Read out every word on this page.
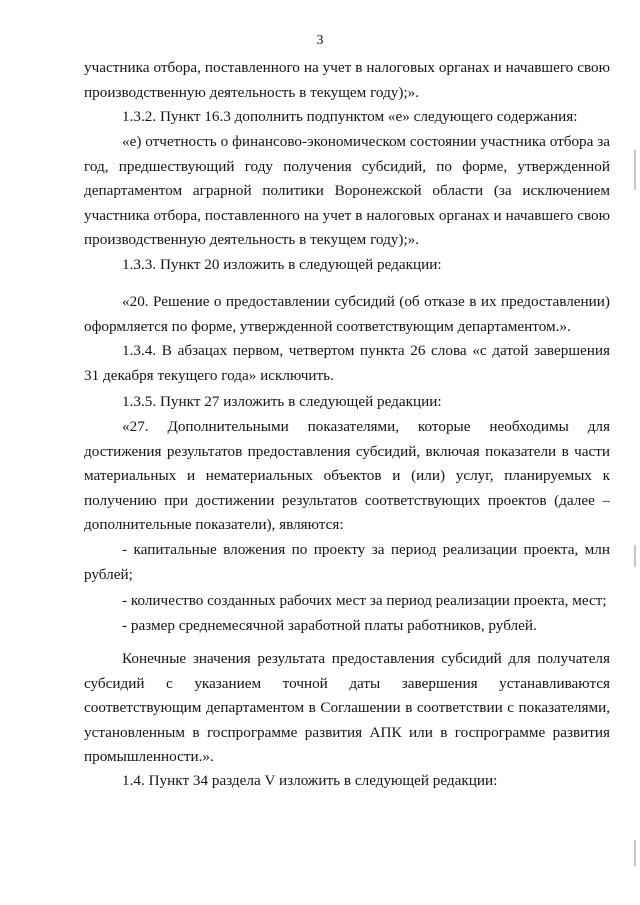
3

участника отбора, поставленного на учет в налоговых органах и начавшего свою производственную деятельность в текущем году);».

1.3.2. Пункт 16.3 дополнить подпунктом «е» следующего содержания:

«е) отчетность о финансово-экономическом состоянии участника отбора за год, предшествующий году получения субсидий, по форме, утвержденной департаментом аграрной политики Воронежской области (за исключением участника отбора, поставленного на учет в налоговых органах и начавшего свою производственную деятельность в текущем году);».

1.3.3. Пункт 20 изложить в следующей редакции:

«20. Решение о предоставлении субсидий (об отказе в их предоставлении) оформляется по форме, утвержденной соответствующим департаментом.».

1.3.4. В абзацах первом, четвертом пункта 26 слова «с датой завершения 31 декабря текущего года» исключить.

1.3.5. Пункт 27 изложить в следующей редакции:

«27. Дополнительными показателями, которые необходимы для достижения результатов предоставления субсидий, включая показатели в части материальных и нематериальных объектов и (или) услуг, планируемых к получению при достижении результатов соответствующих проектов (далее – дополнительные показатели), являются:

- капитальные вложения по проекту за период реализации проекта, млн рублей;

- количество созданных рабочих мест за период реализации проекта, мест;

- размер среднемесячной заработной платы работников, рублей.

Конечные значения результата предоставления субсидий для получателя субсидий с указанием точной даты завершения устанавливаются соответствующим департаментом в Соглашении в соответствии с показателями, установленным в госпрограмме развития АПК или в госпрограмме развития промышленности.».

1.4. Пункт 34 раздела V изложить в следующей редакции:
